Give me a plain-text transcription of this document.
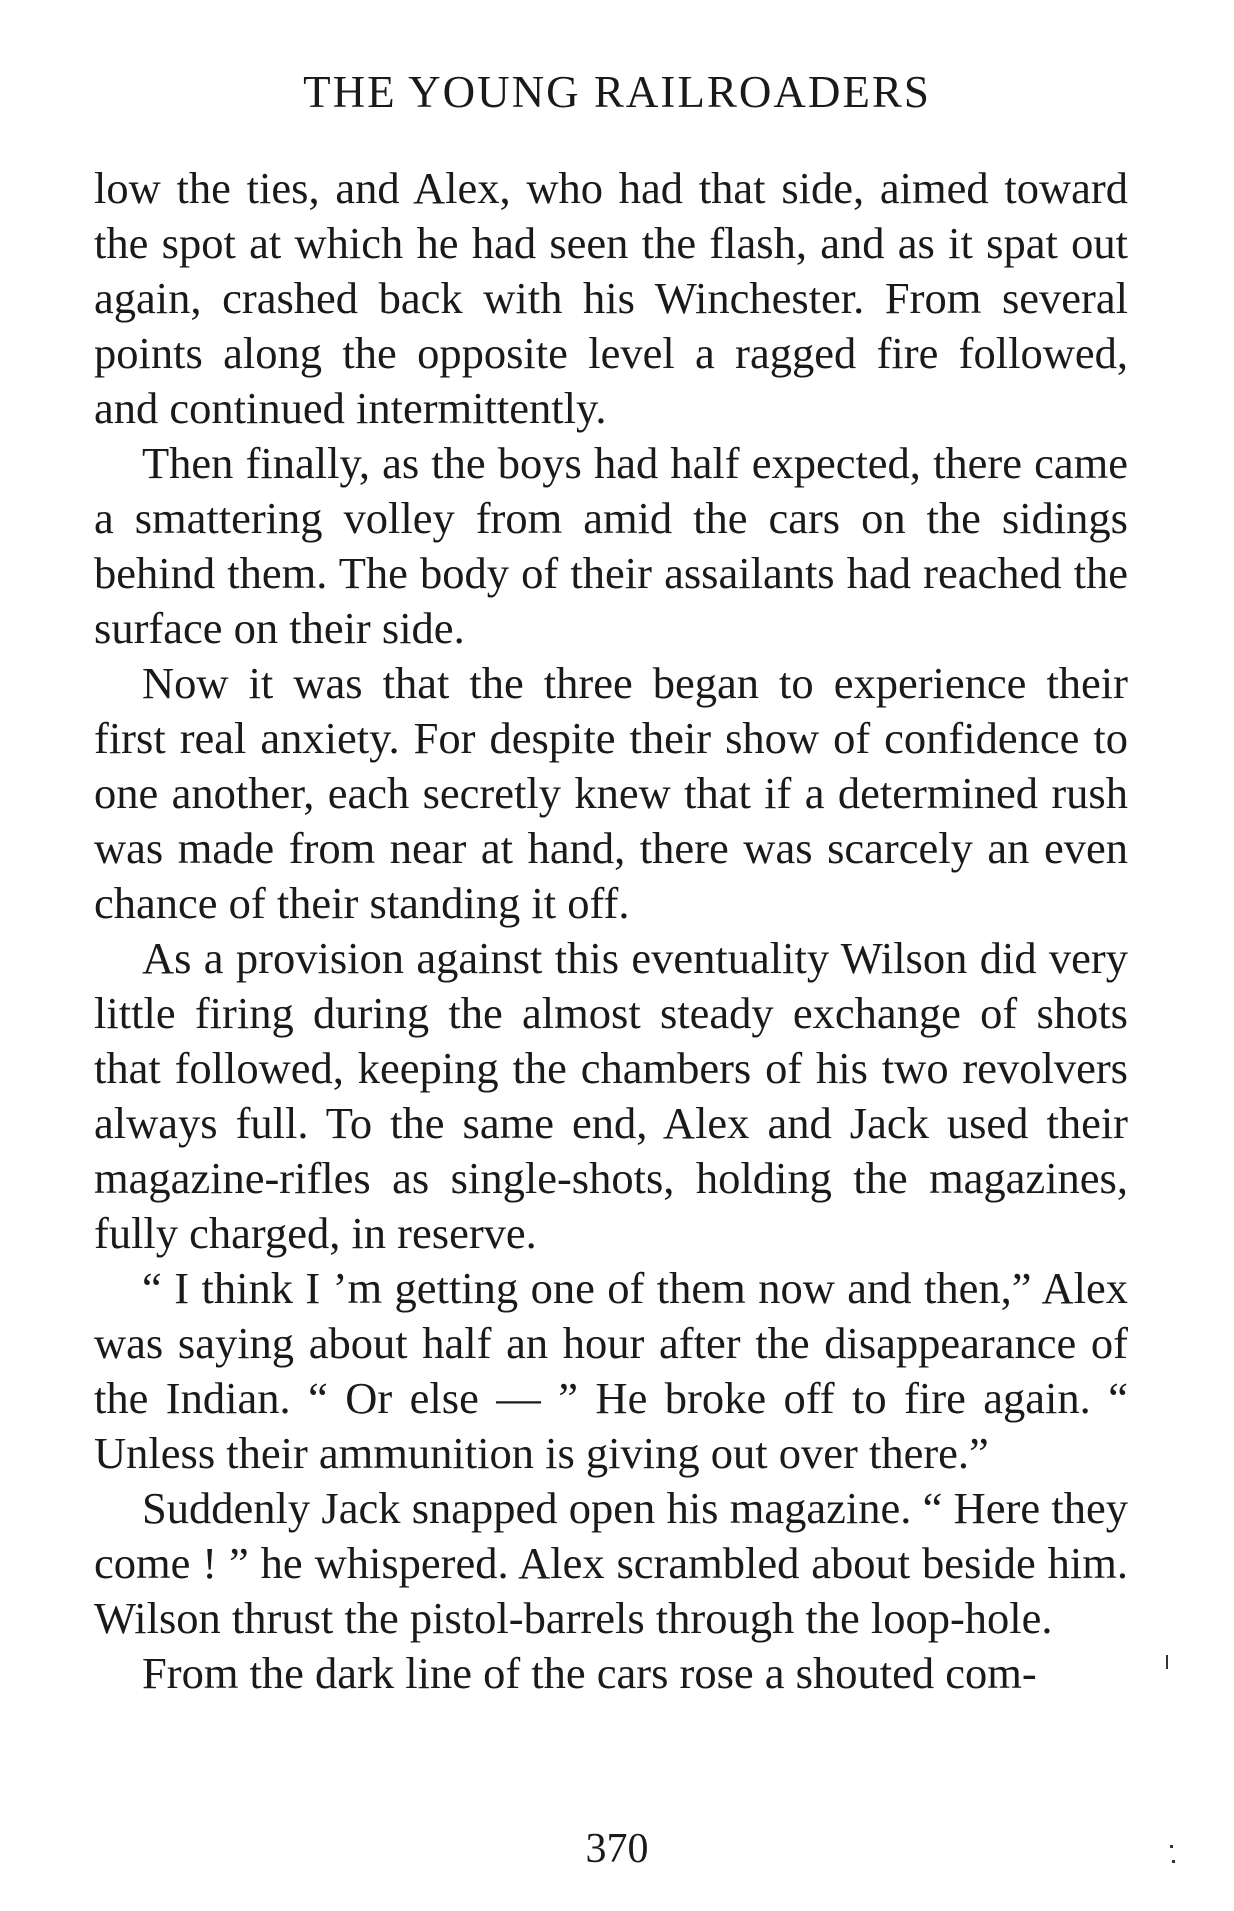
THE YOUNG RAILROADERS

low the ties, and Alex, who had that side, aimed toward the spot at which he had seen the flash, and as it spat out again, crashed back with his Winchester. From several points along the opposite level a ragged fire followed, and continued intermittently.

Then finally, as the boys had half expected, there came a smattering volley from amid the cars on the sidings behind them. The body of their assailants had reached the surface on their side.

Now it was that the three began to experience their first real anxiety. For despite their show of confidence to one another, each secretly knew that if a determined rush was made from near at hand, there was scarcely an even chance of their standing it off.

As a provision against this eventuality Wilson did very little firing during the almost steady exchange of shots that followed, keeping the chambers of his two revolvers always full. To the same end, Alex and Jack used their magazine-rifles as single-shots, holding the magazines, fully charged, in reserve.

“ I think I ’m getting one of them now and then,” Alex was saying about half an hour after the disappearance of the Indian. “ Or else — ” He broke off to fire again. “ Unless their ammunition is giving out over there.”

Suddenly Jack snapped open his magazine. “ Here they come ! ” he whispered. Alex scrambled about beside him. Wilson thrust the pistol-barrels through the loop-hole.

From the dark line of the cars rose a shouted com-

370
